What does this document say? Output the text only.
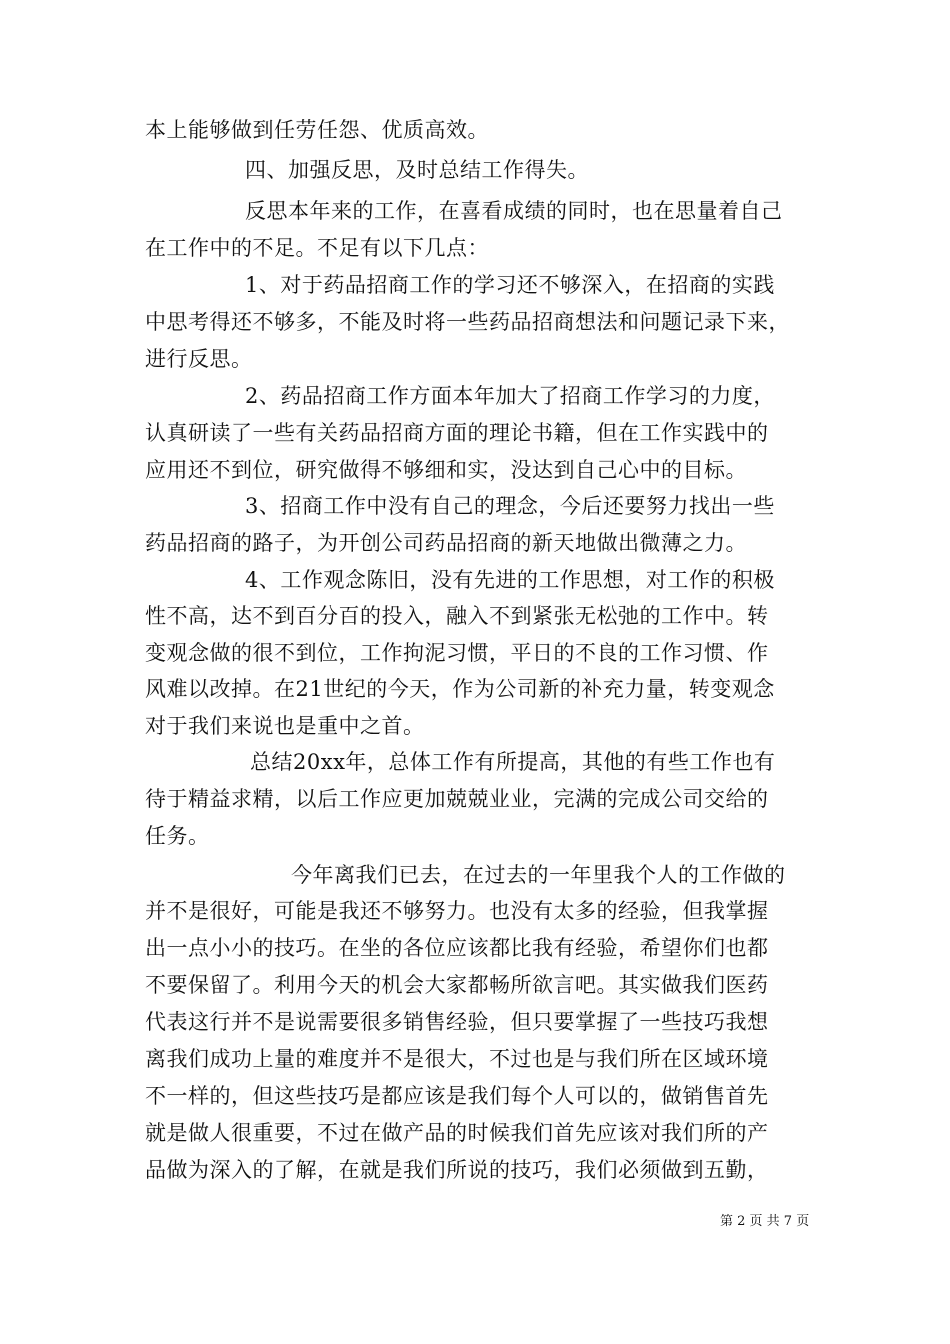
本上能够做到任劳任怨、优质高效。
四、加强反思，及时总结工作得失。
反思本年来的工作，在喜看成绩的同时，也在思量着自己
在工作中的不足。不足有以下几点：
1、对于药品招商工作的学习还不够深入，在招商的实践
中思考得还不够多，不能及时将一些药品招商想法和问题记录下来，
进行反思。
2、药品招商工作方面本年加大了招商工作学习的力度，
认真研读了一些有关药品招商方面的理论书籍，但在工作实践中的
应用还不到位，研究做得不够细和实，没达到自己心中的目标。
3、招商工作中没有自己的理念，今后还要努力找出一些
药品招商的路子，为开创公司药品招商的新天地做出微薄之力。
4、工作观念陈旧，没有先进的工作思想，对工作的积极
性不高，达不到百分百的投入，融入不到紧张无松弛的工作中。转
变观念做的很不到位，工作拘泥习惯，平日的不良的工作习惯、作
风难以改掉。在21世纪的今天，作为公司新的补充力量，转变观念
对于我们来说也是重中之首。
总结20xx年，总体工作有所提高，其他的有些工作也有
待于精益求精，以后工作应更加兢兢业业，完满的完成公司交给的
任务。
今年离我们已去，在过去的一年里我个人的工作做的
并不是很好，可能是我还不够努力。也没有太多的经验，但我掌握
出一点小小的技巧。在坐的各位应该都比我有经验，希望你们也都
不要保留了。利用今天的机会大家都畅所欲言吧。其实做我们医药
代表这行并不是说需要很多销售经验，但只要掌握了一些技巧我想
离我们成功上量的难度并不是很大，不过也是与我们所在区域环境
不一样的，但这些技巧是都应该是我们每个人可以的，做销售首先
就是做人很重要，不过在做产品的时候我们首先应该对我们所的产
品做为深入的了解，在就是我们所说的技巧，我们必须做到五勤，
第 2 页 共 7 页
